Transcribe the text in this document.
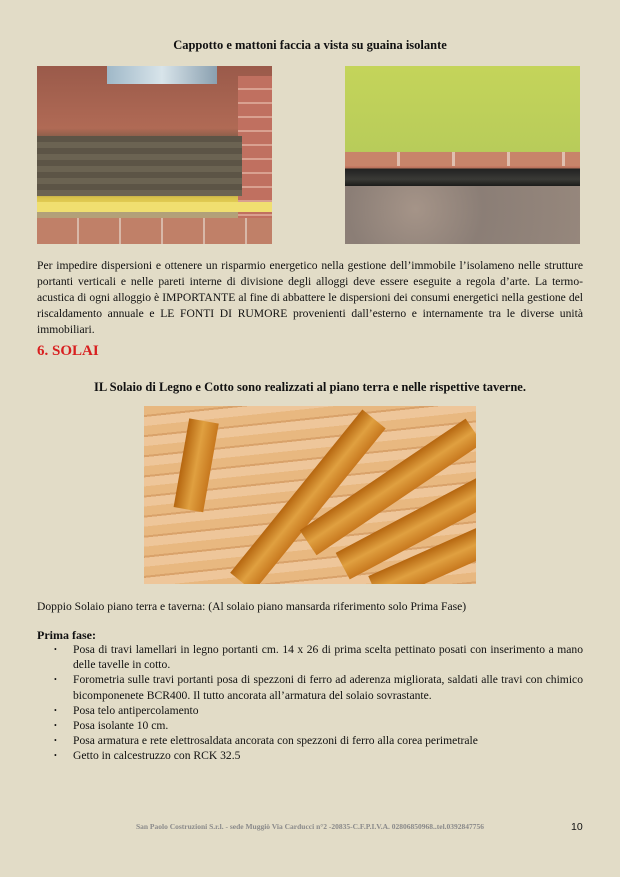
Cappotto e mattoni faccia a vista su guaina isolante
Per impedire dispersioni e ottenere un risparmio energetico nella gestione dell’immobile l’isolameno nelle strutture portanti verticali e nelle pareti interne di divisione degli alloggi deve essere eseguite a regola d’arte. La termo-acustica di ogni alloggio è IMPORTANTE al fine di abbattere le dispersioni dei consumi energetici nella gestione del riscaldamento annuale e LE FONTI DI RUMORE provenienti dall’esterno e internamente tra le diverse unità immobiliari.
6. SOLAI
IL Solaio di Legno e Cotto sono realizzati al piano terra e nelle rispettive taverne.
Doppio Solaio piano terra e taverna: (Al solaio piano mansarda riferimento solo Prima Fase)
Prima fase:
• Posa di travi lamellari in legno portanti cm. 14 x 26 di prima scelta pettinato posati con inserimento a mano delle tavelle in cotto.
• Forometria sulle travi portanti posa di spezzoni di ferro ad aderenza migliorata, saldati alle travi con chimico bicomponenete BCR400. Il tutto ancorata all’armatura del solaio sovrastante.
• Posa telo antipercolamento
• Posa isolante 10 cm.
• Posa armatura e rete elettrosaldata ancorata con spezzoni di ferro alla corea perimetrale
• Getto in calcestruzzo con RCK 32.5
San Paolo Costruzioni S.r.l. - sede Muggiò Via Carducci n°2 -20835-C.F.P.I.V.A. 02806850968..tel.0392847756	10
